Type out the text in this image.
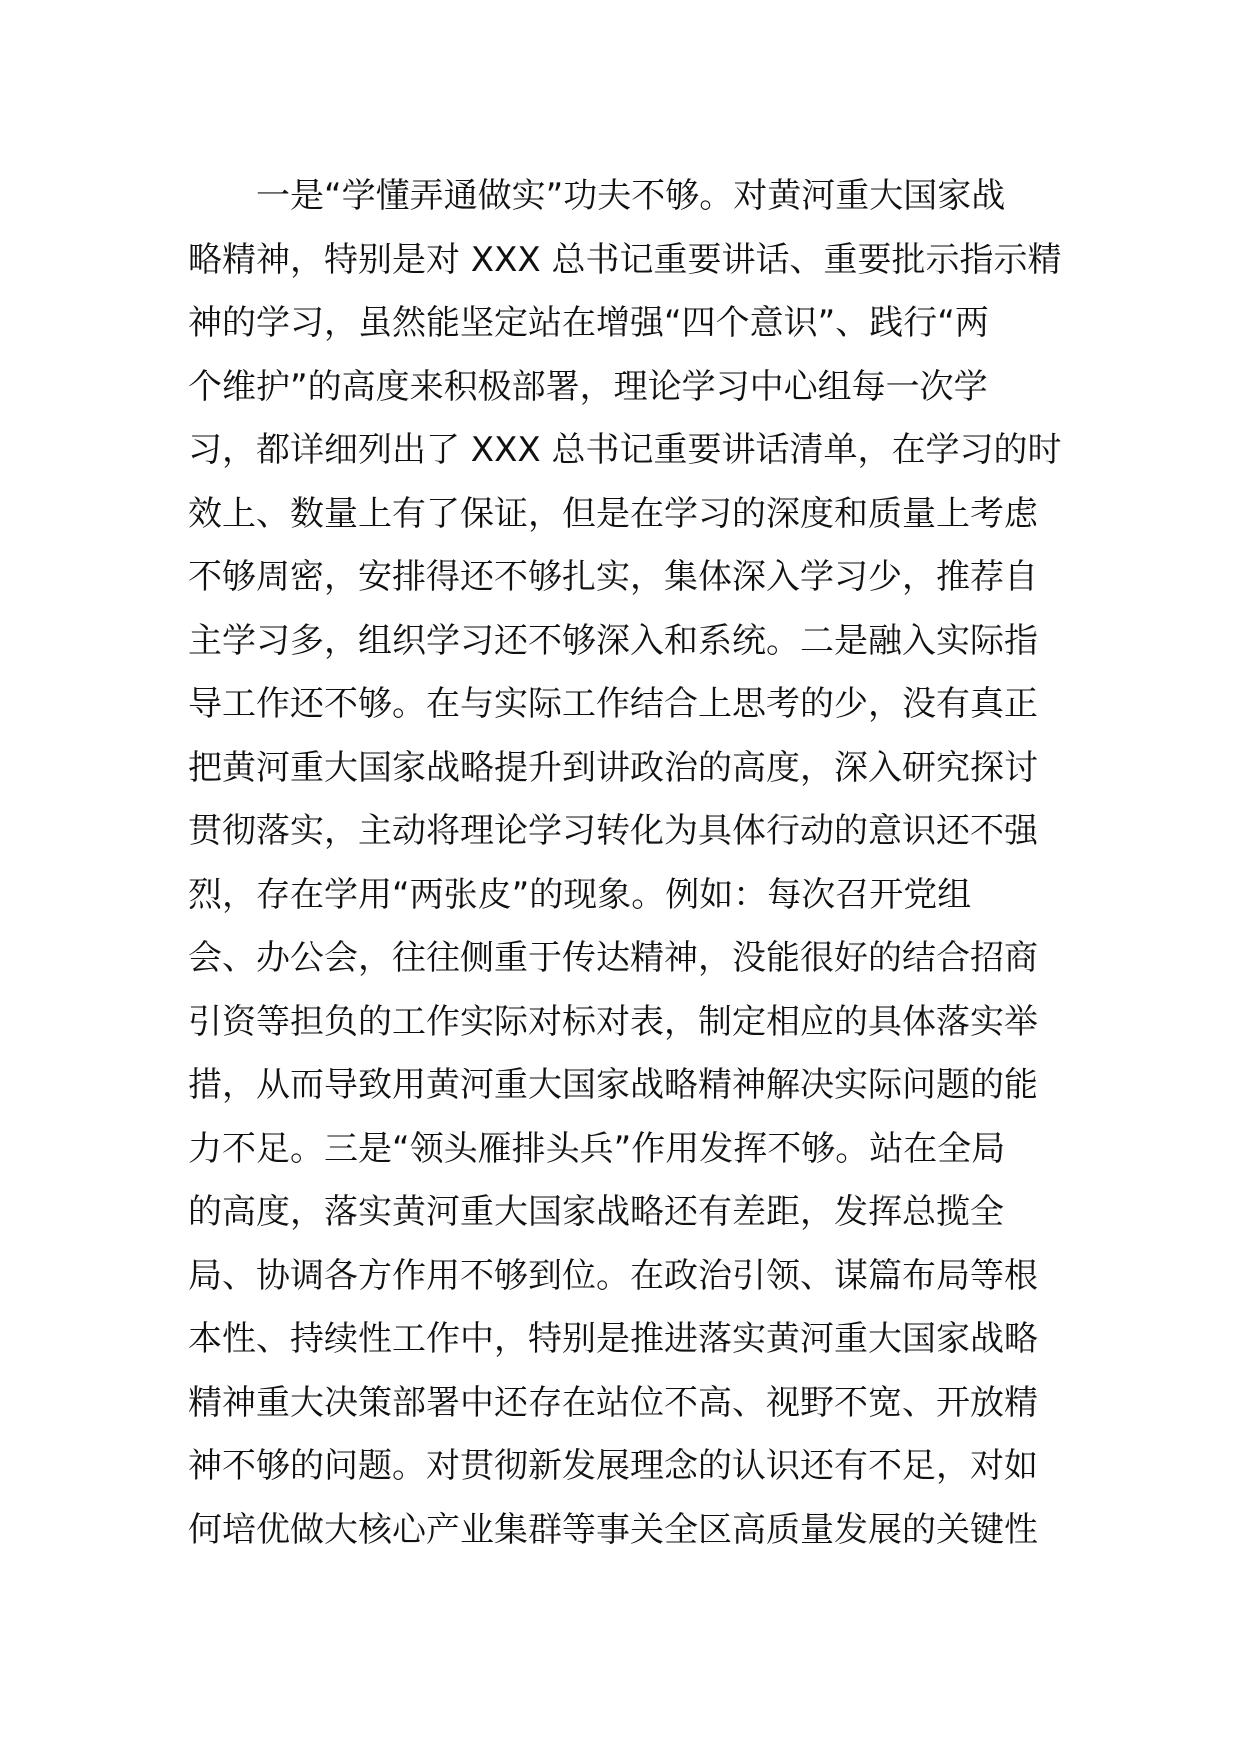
一是“学懂弄通做实”功夫不够。对黄河重大国家战
略精神，特别是对 XXX 总书记重要讲话、重要批示指示精
神的学习，虽然能坚定站在增强“四个意识”、践行“两
个维护”的高度来积极部署，理论学习中心组每一次学
习，都详细列出了 XXX 总书记重要讲话清单，在学习的时
效上、数量上有了保证，但是在学习的深度和质量上考虑
不够周密，安排得还不够扎实，集体深入学习少，推荐自
主学习多，组织学习还不够深入和系统。二是融入实际指
导工作还不够。在与实际工作结合上思考的少，没有真正
把黄河重大国家战略提升到讲政治的高度，深入研究探讨
贯彻落实，主动将理论学习转化为具体行动的意识还不强
烈，存在学用“两张皮”的现象。例如：每次召开党组
会、办公会，往往侧重于传达精神，没能很好的结合招商
引资等担负的工作实际对标对表，制定相应的具体落实举
措，从而导致用黄河重大国家战略精神解决实际问题的能
力不足。三是“领头雁排头兵”作用发挥不够。站在全局
的高度，落实黄河重大国家战略还有差距，发挥总揽全
局、协调各方作用不够到位。在政治引领、谋篇布局等根
本性、持续性工作中，特别是推进落实黄河重大国家战略
精神重大决策部署中还存在站位不高、视野不宽、开放精
神不够的问题。对贯彻新发展理念的认识还有不足，对如
何培优做大核心产业集群等事关全区高质量发展的关键性
